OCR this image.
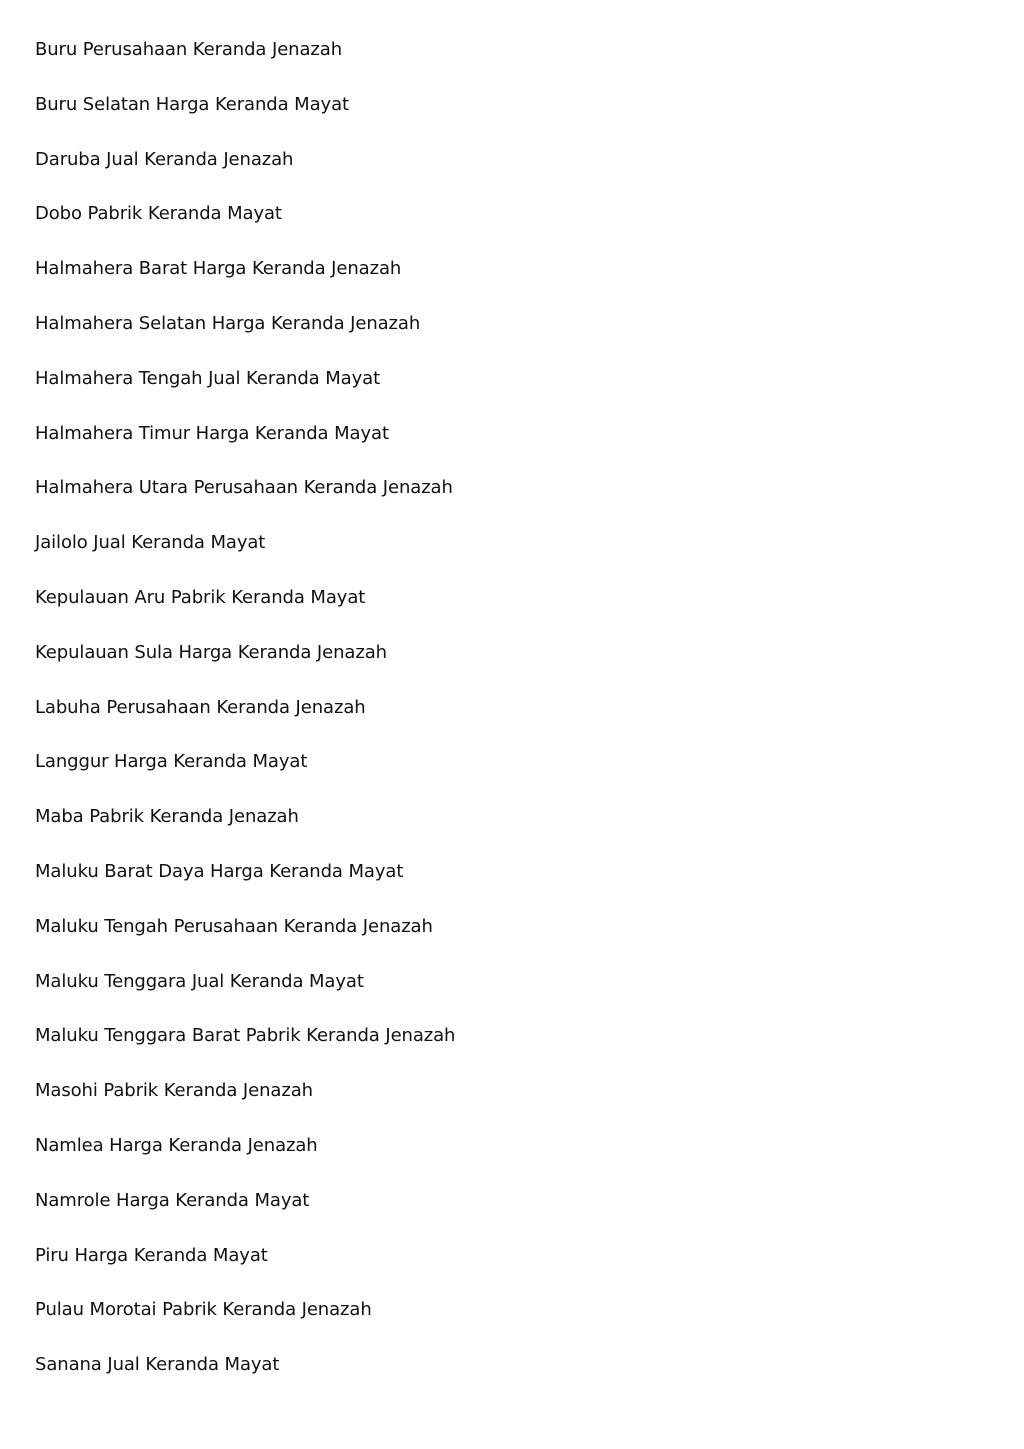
Buru Perusahaan Keranda Jenazah
Buru Selatan Harga Keranda Mayat
Daruba Jual Keranda Jenazah
Dobo Pabrik Keranda Mayat
Halmahera Barat Harga Keranda Jenazah
Halmahera Selatan Harga Keranda Jenazah
Halmahera Tengah Jual Keranda Mayat
Halmahera Timur Harga Keranda Mayat
Halmahera Utara Perusahaan Keranda Jenazah
Jailolo Jual Keranda Mayat
Kepulauan Aru Pabrik Keranda Mayat
Kepulauan Sula Harga Keranda Jenazah
Labuha Perusahaan Keranda Jenazah
Langgur Harga Keranda Mayat
Maba Pabrik Keranda Jenazah
Maluku Barat Daya Harga Keranda Mayat
Maluku Tengah Perusahaan Keranda Jenazah
Maluku Tenggara Jual Keranda Mayat
Maluku Tenggara Barat Pabrik Keranda Jenazah
Masohi Pabrik Keranda Jenazah
Namlea Harga Keranda Jenazah
Namrole Harga Keranda Mayat
Piru Harga Keranda Mayat
Pulau Morotai Pabrik Keranda Jenazah
Sanana Jual Keranda Mayat
